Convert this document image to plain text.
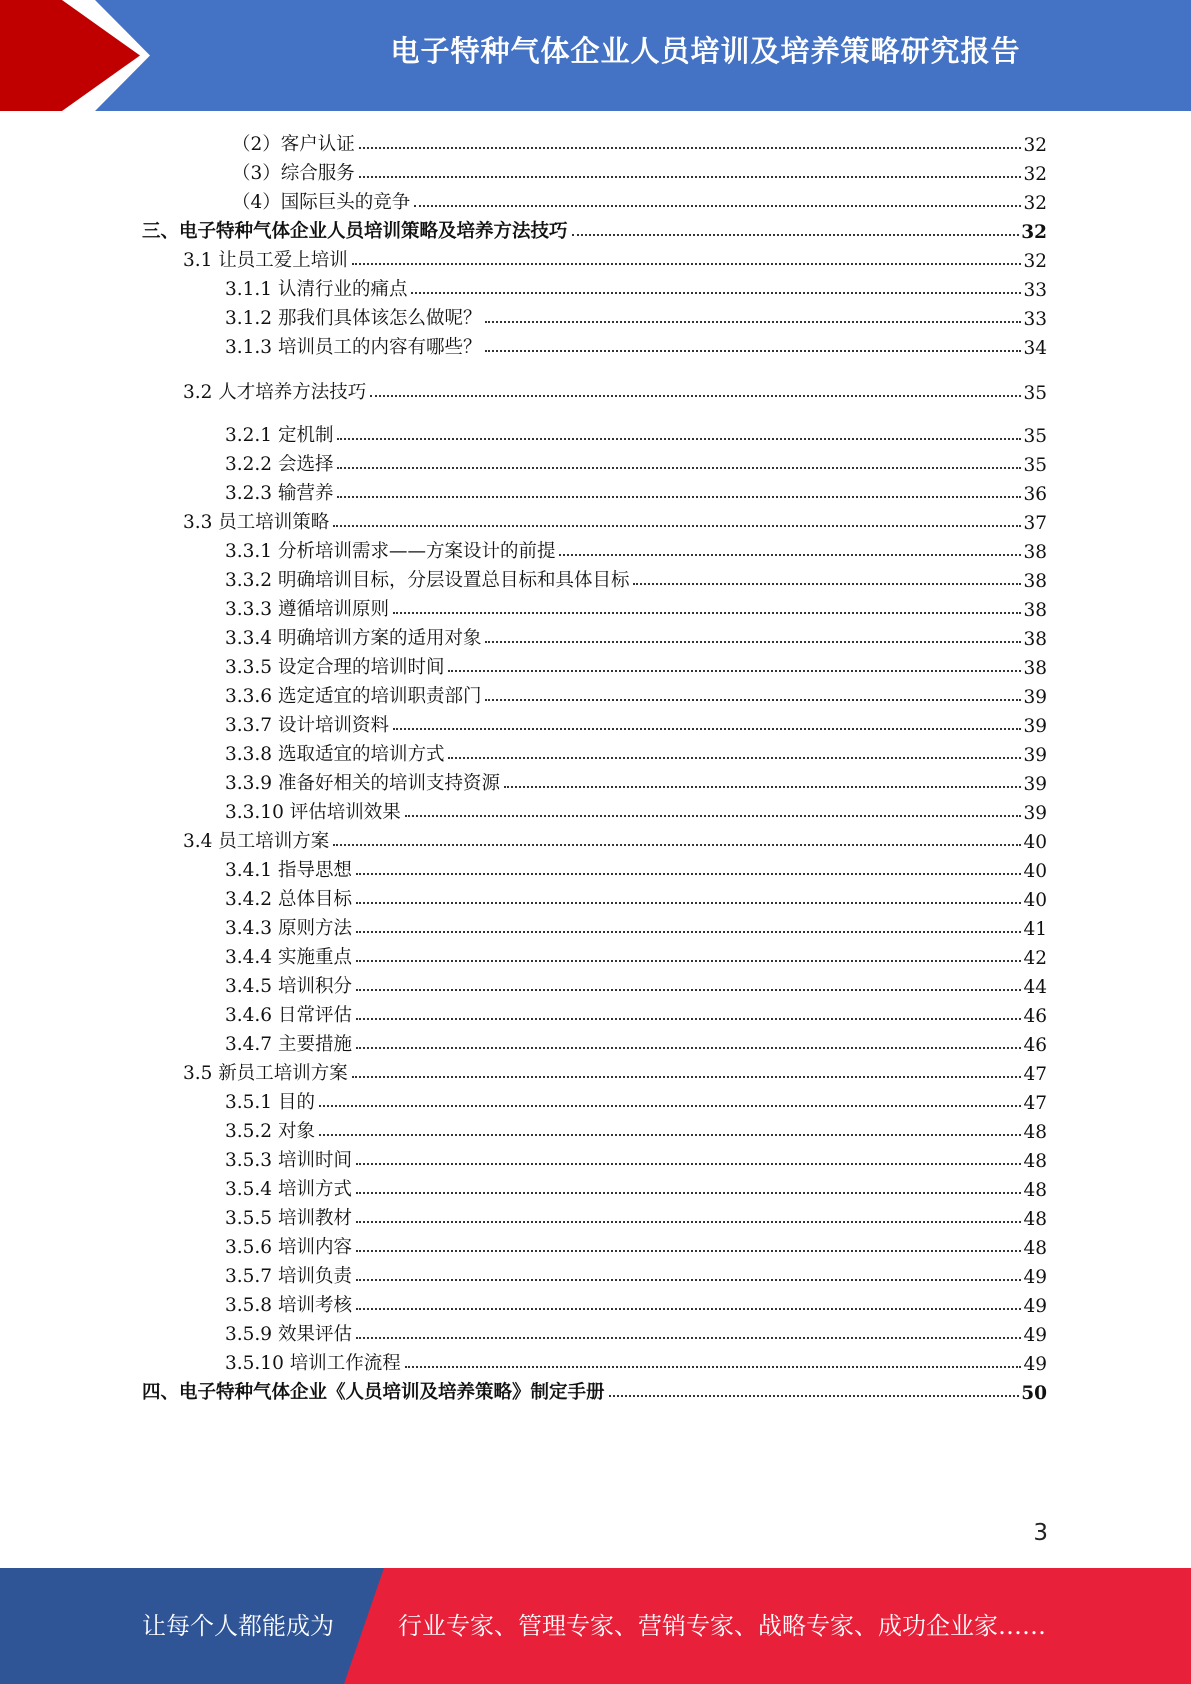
电子特种气体企业人员培训及培养策略研究报告
（2）客户认证	32
（3）综合服务	32
（4）国际巨头的竞争	32
三、电子特种气体企业人员培训策略及培养方法技巧	32
3.1 让员工爱上培训	32
3.1.1 认清行业的痛点	33
3.1.2 那我们具体该怎么做呢？	33
3.1.3 培训员工的内容有哪些？	34
3.2 人才培养方法技巧	35
3.2.1 定机制	35
3.2.2 会选择	35
3.2.3 输营养	36
3.3 员工培训策略	37
3.3.1 分析培训需求——方案设计的前提	38
3.3.2 明确培训目标，分层设置总目标和具体目标	38
3.3.3 遵循培训原则	38
3.3.4 明确培训方案的适用对象	38
3.3.5 设定合理的培训时间	38
3.3.6 选定适宜的培训职责部门	39
3.3.7 设计培训资料	39
3.3.8 选取适宜的培训方式	39
3.3.9 准备好相关的培训支持资源	39
3.3.10 评估培训效果	39
3.4 员工培训方案	40
3.4.1 指导思想	40
3.4.2 总体目标	40
3.4.3 原则方法	41
3.4.4 实施重点	42
3.4.5 培训积分	44
3.4.6 日常评估	46
3.4.7 主要措施	46
3.5 新员工培训方案	47
3.5.1 目的	47
3.5.2 对象	48
3.5.3 培训时间	48
3.5.4 培训方式	48
3.5.5 培训教材	48
3.5.6 培训内容	48
3.5.7 培训负责	49
3.5.8 培训考核	49
3.5.9 效果评估	49
3.5.10 培训工作流程	49
四、电子特种气体企业《人员培训及培养策略》制定手册	50
3
让每个人都能成为	行业专家、管理专家、营销专家、战略专家、成功企业家……
